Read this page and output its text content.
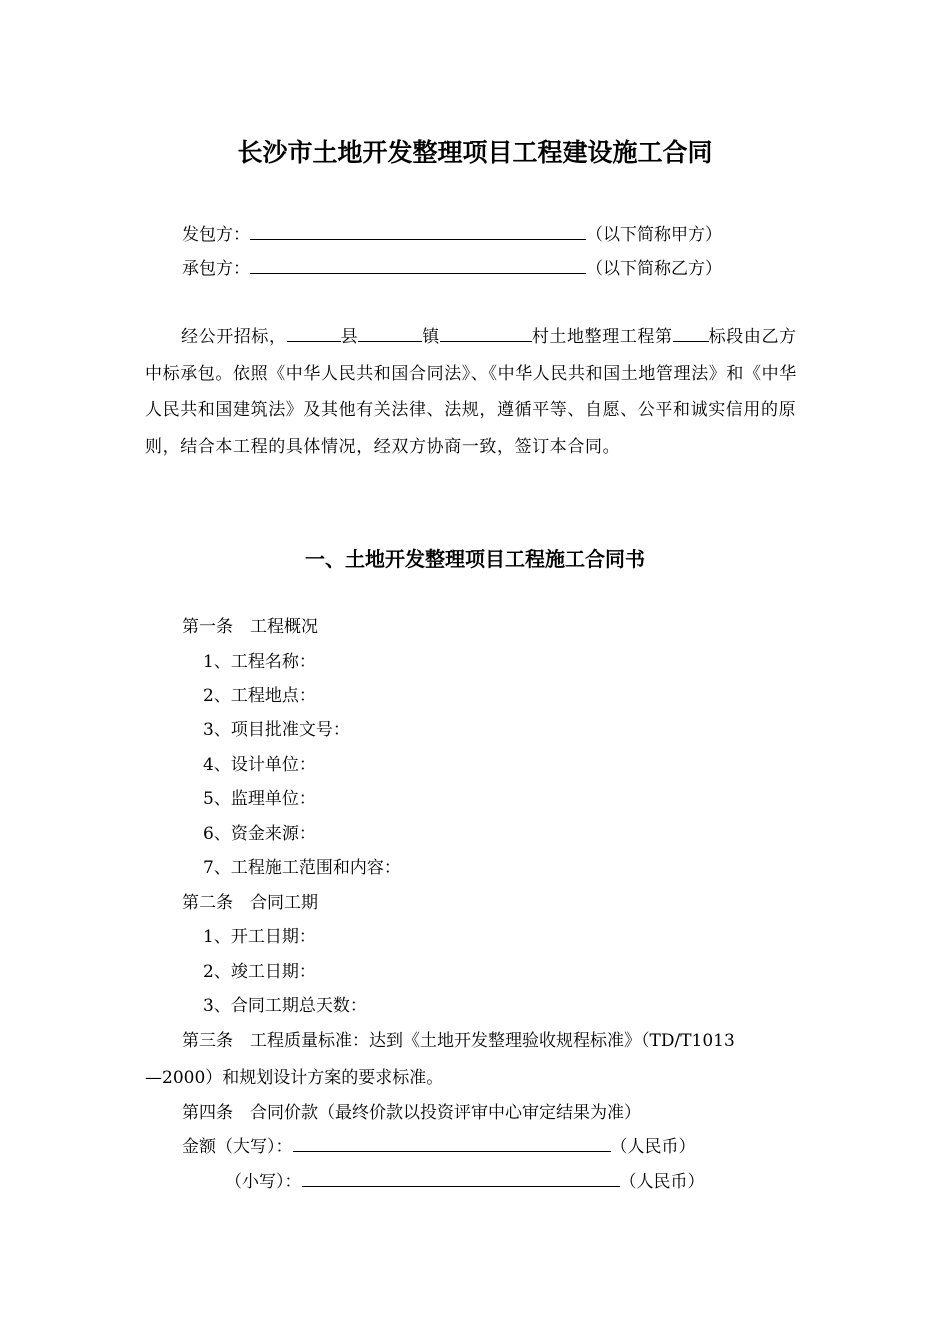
长沙市土地开发整理项目工程建设施工合同
发包方：	（以下简称甲方）
承包方：	（以下简称乙方）
经公开招标，	县	镇	村土地整理工程第 标段由乙方中标承包。依照《中华人民共和国合同法》、《中华人民共和国土地管理法》和《中华人民共和国建筑法》及其他有关法律、法规，遵循平等、自愿、公平和诚实信用的原则，结合本工程的具体情况，经双方协商一致，签订本合同。
一、土地开发整理项目工程施工合同书
第一条　工程概况
1、工程名称：
2、工程地点：
3、项目批准文号：
4、设计单位：
5、监理单位：
6、资金来源：
7、工程施工范围和内容：
第二条　合同工期
1、开工日期：
2、竣工日期：
3、合同工期总天数：
第三条　工程质量标准：达到《土地开发整理验收规程标准》（TD/T1013
—2000）和规划设计方案的要求标准。
第四条　合同价款（最终价款以投资评审中心审定结果为准）
金额（大写）：	（人民币）
（小写）：	（人民币）
